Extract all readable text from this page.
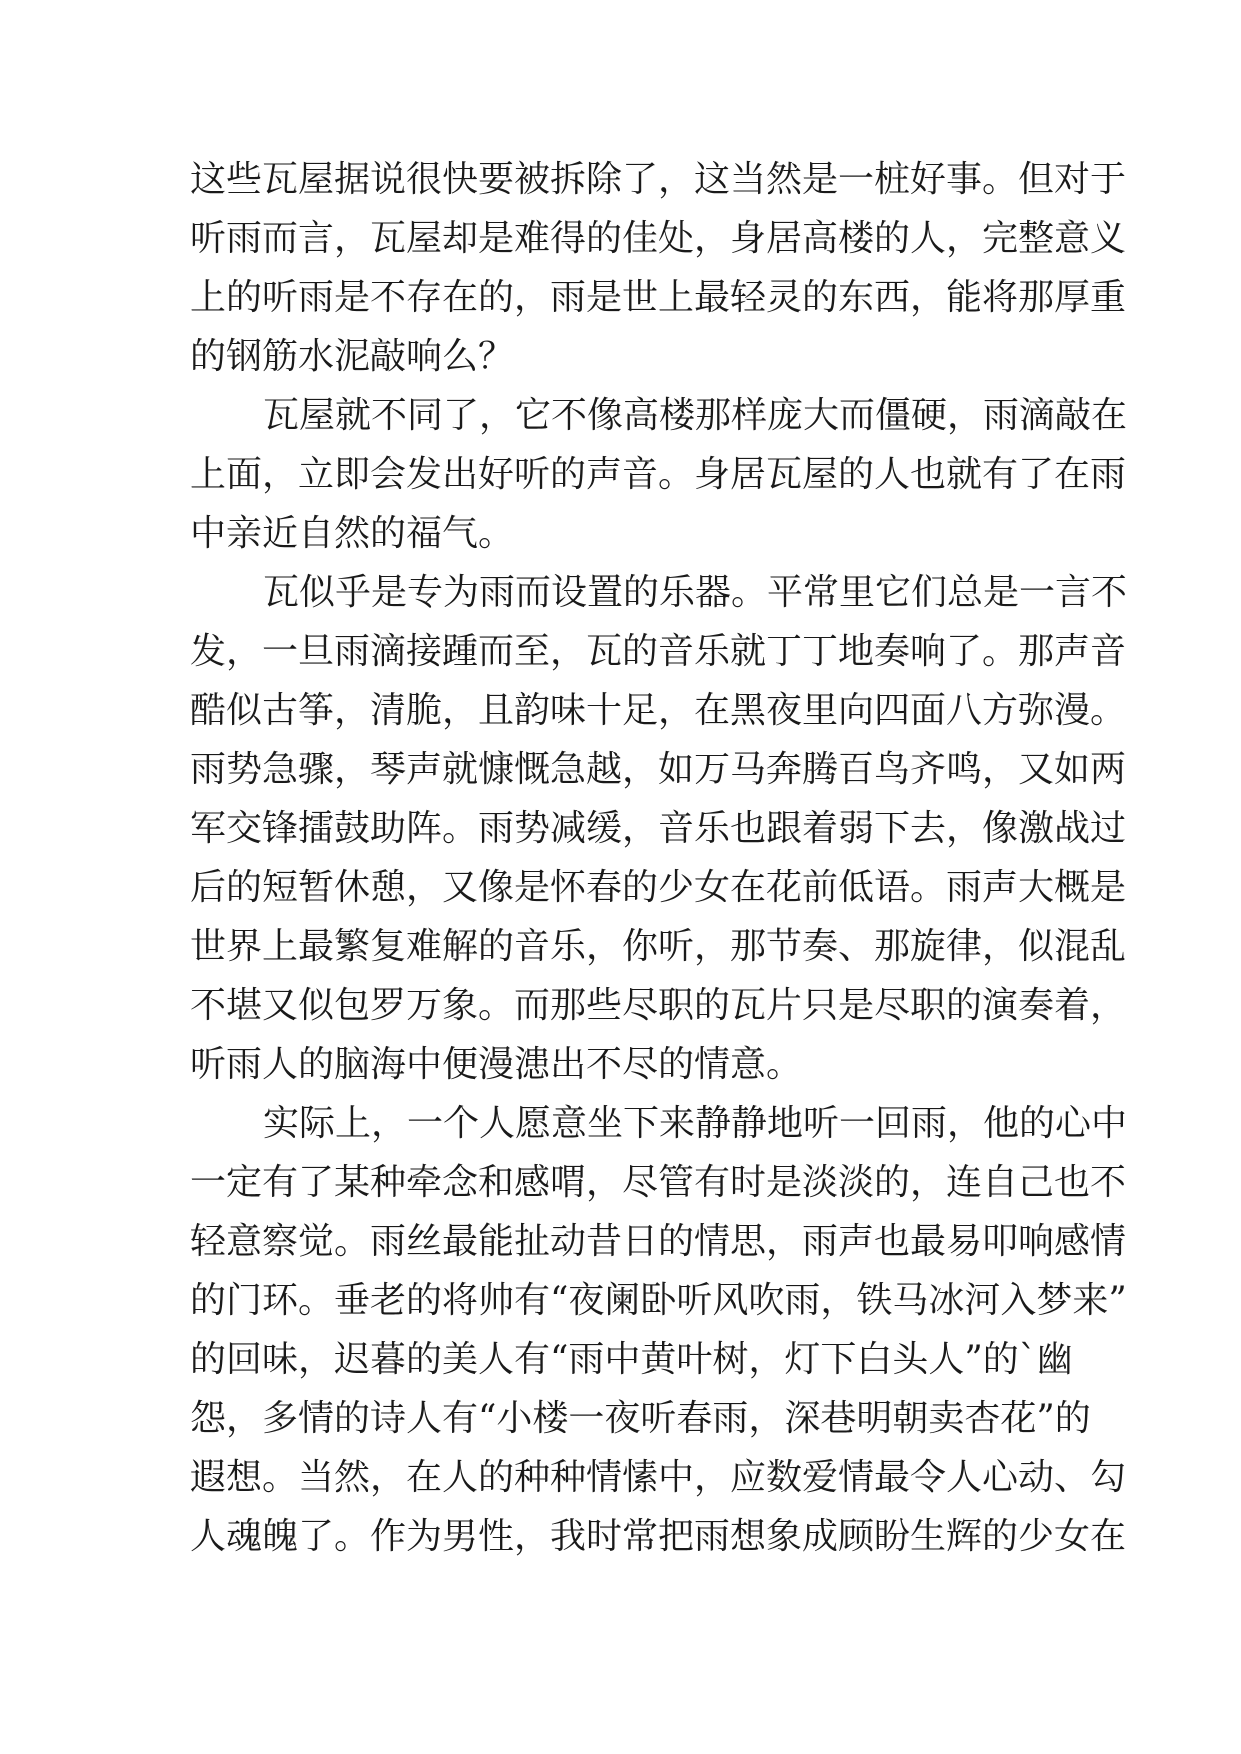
这些瓦屋据说很快要被拆除了，这当然是一桩好事。但对于
听雨而言，瓦屋却是难得的佳处，身居高楼的人，完整意义
上的听雨是不存在的，雨是世上最轻灵的东西，能将那厚重
的钢筋水泥敲响么？
瓦屋就不同了，它不像高楼那样庞大而僵硬，雨滴敲在
上面，立即会发出好听的声音。身居瓦屋的人也就有了在雨
中亲近自然的福气。
瓦似乎是专为雨而设置的乐器。平常里它们总是一言不
发，一旦雨滴接踵而至，瓦的音乐就丁丁地奏响了。那声音
酷似古筝，清脆，且韵味十足，在黑夜里向四面八方弥漫。
雨势急骤，琴声就慷慨急越，如万马奔腾百鸟齐鸣，又如两
军交锋擂鼓助阵。雨势减缓，音乐也跟着弱下去，像激战过
后的短暂休憩，又像是怀春的少女在花前低语。雨声大概是
世界上最繁复难解的音乐，你听，那节奏、那旋律，似混乱
不堪又似包罗万象。而那些尽职的瓦片只是尽职的演奏着，
听雨人的脑海中便漫漶出不尽的情意。
实际上，一个人愿意坐下来静静地听一回雨，他的心中
一定有了某种牵念和感喟，尽管有时是淡淡的，连自己也不
轻意察觉。雨丝最能扯动昔日的情思，雨声也最易叩响感情
的门环。垂老的将帅有“夜阑卧听风吹雨，铁马冰河入梦来”
的回味，迟暮的美人有“雨中黄叶树，灯下白头人”的`幽
怨，多情的诗人有“小楼一夜听春雨，深巷明朝卖杏花”的
遐想。当然，在人的种种情愫中，应数爱情最令人心动、勾
人魂魄了。作为男性，我时常把雨想象成顾盼生辉的少女在
